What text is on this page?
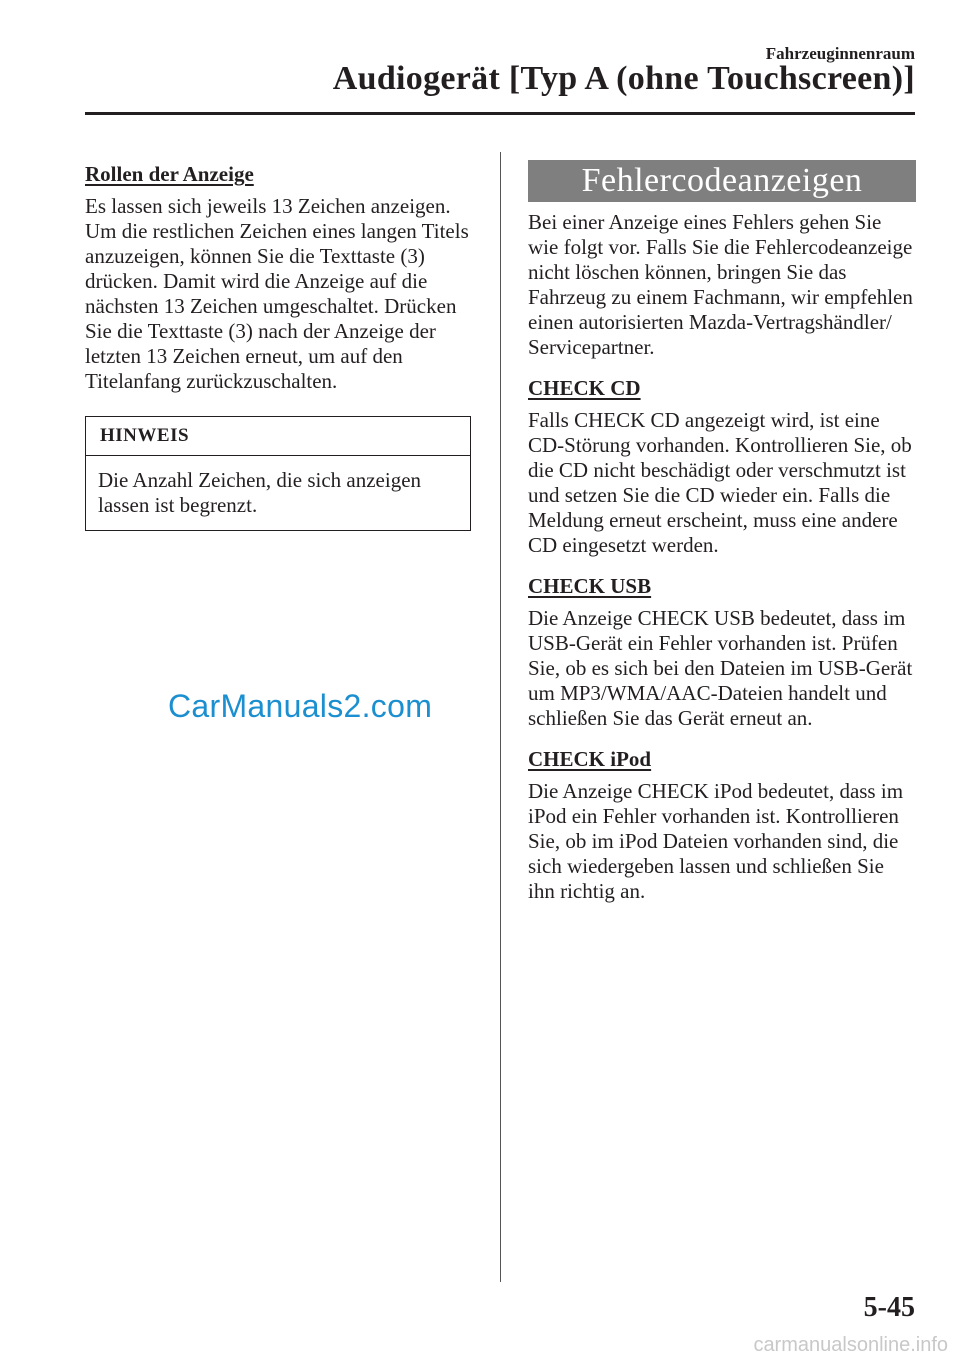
Fahrzeuginnenraum
Audiogerät [Typ A (ohne Touchscreen)]
Rollen der Anzeige

Es lassen sich jeweils 13 Zeichen anzeigen. Um die restlichen Zeichen eines langen Titels anzuzeigen, können Sie die Texttaste (3) drücken. Damit wird die Anzeige auf die nächsten 13 Zeichen umgeschaltet. Drücken Sie die Texttaste (3) nach der Anzeige der letzten 13 Zeichen erneut, um auf den Titelanfang zurückzuschalten.

HINWEIS
Die Anzahl Zeichen, die sich anzeigen lassen ist begrenzt.
Fehlercodeanzeigen

Bei einer Anzeige eines Fehlers gehen Sie wie folgt vor. Falls Sie die Fehlercodeanzeige nicht löschen können, bringen Sie das Fahrzeug zu einem Fachmann, wir empfehlen einen autorisierten Mazda-Vertragshändler/ Servicepartner.

CHECK CD

Falls CHECK CD angezeigt wird, ist eine CD-Störung vorhanden. Kontrollieren Sie, ob die CD nicht beschädigt oder verschmutzt ist und setzen Sie die CD wieder ein. Falls die Meldung erneut erscheint, muss eine andere CD eingesetzt werden.

CHECK USB

Die Anzeige CHECK USB bedeutet, dass im USB-Gerät ein Fehler vorhanden ist. Prüfen Sie, ob es sich bei den Dateien im USB-Gerät um MP3/WMA/AAC-Dateien handelt und schließen Sie das Gerät erneut an.

CHECK iPod

Die Anzeige CHECK iPod bedeutet, dass im iPod ein Fehler vorhanden ist. Kontrollieren Sie, ob im iPod Dateien vorhanden sind, die sich wiedergeben lassen und schließen Sie ihn richtig an.

CarManuals2.com
5-45
carmanualsonline.info
